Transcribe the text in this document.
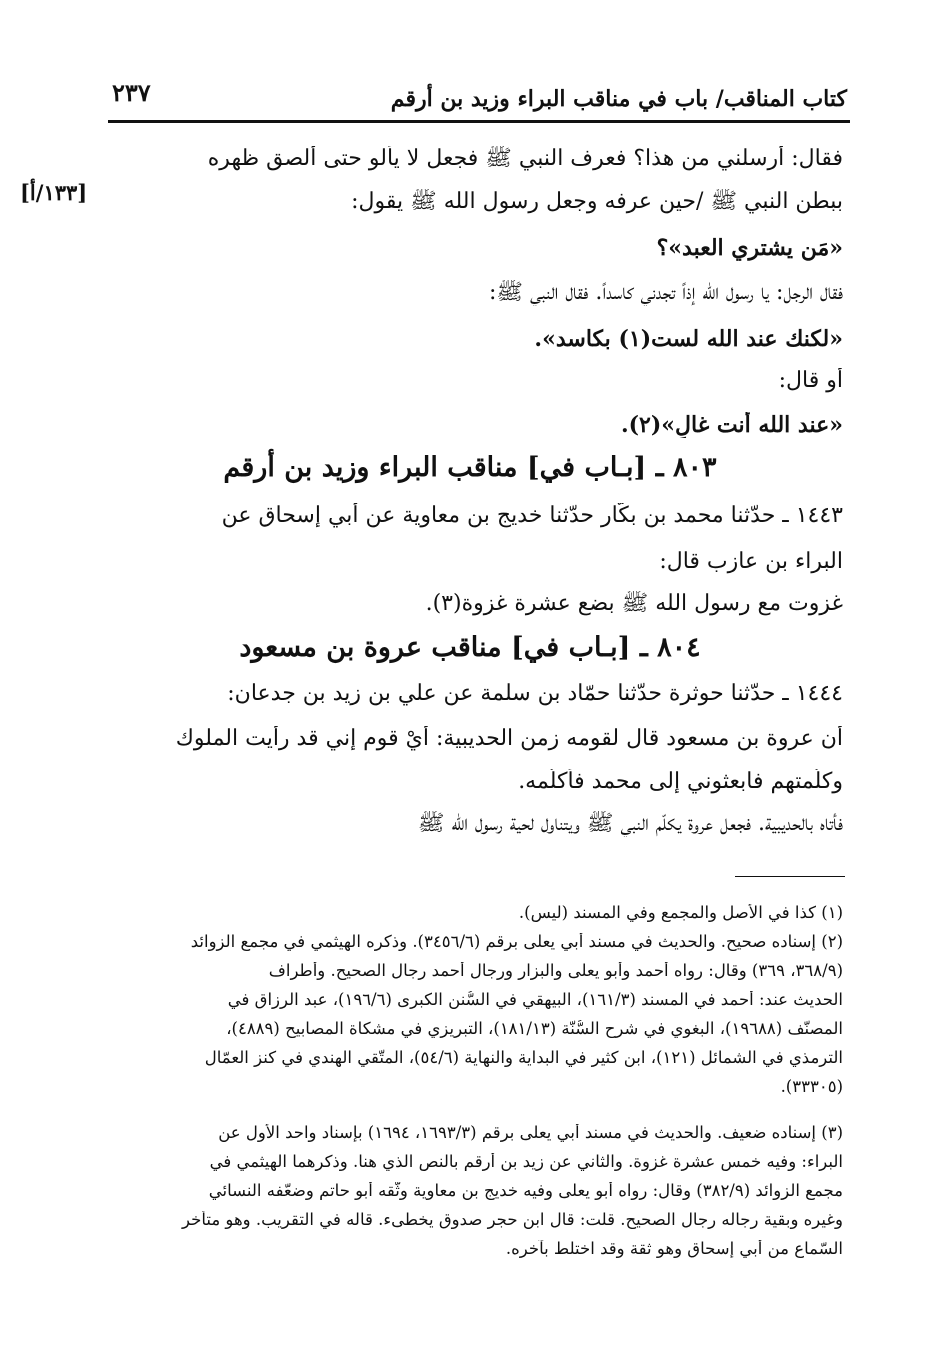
٢٣٧	كتاب المناقب/ باب في مناقب البراء وزيد بن أرقم
[١٣٣/أ]
فقال: أرسلني من هذا؟ فعرف النبي ﷺ فجعل لا يألو حتى ألصق ظهره
ببطن النبي ﷺ /حين عرفه وجعل رسول الله ﷺ يقول:
«مَن يشتري العبد»؟
فقال الرجل: يا رسول الله إذاً تجدني كاسداً. فقال النبي ﷺ:
«لكنك عند الله لست(١) بكاسد».
أو قال:
«عند الله أنت غالٍ»(٢).
٨٠٣ ـ [بـاب في] مناقب البراء وزيد بن أرقم
١٤٤٣ ـ حدّثنا محمد بن بكّار حدّثنا خديج بن معاوية عن أبي إسحاق عن
البراء بن عازب قال:
غزوت مع رسول الله ﷺ بضع عشرة غزوة(٣).
٨٠٤ ـ [بـاب في] مناقب عروة بن مسعود
١٤٤٤ ـ حدّثنا حوثرة حدّثنا حمّاد بن سلمة عن علي بن زيد بن جدعان:
أن عروة بن مسعود قال لقومه زمن الحديبية: أيْ قوم إني قد رأيت الملوك
وكلّمتهم فابعثوني إلى محمد فأُكلّمه.
فأتاه بالحديبية. فجعل عروة يكلّم النبي ﷺ ويتناول لحية رسول الله ﷺ
(١) كذا في الأصل والمجمع وفي المسند (ليس).
(٢) إسناده صحيح. والحديث في مسند أبي يعلى برقم (٣٤٥٦/٦). وذكره الهيثمي في مجمع الزوائد
(٣٦٨/٩، ٣٦٩) وقال: رواه أحمد وأبو يعلى والبزار ورجال أحمد رجال الصحيح. وأطراف
الحديث عند: أحمد في المسند (١٦١/٣)، البيهقي في السُّنن الكبرى (١٩٦/٦)، عبد الرزاق في
المصنّف (١٩٦٨٨)، البغوي في شرح السُّنّة (١٨١/١٣)، التبريزي في مشكاة المصابيح (٤٨٨٩)،
الترمذي في الشمائل (١٢١)، ابن كثير في البداية والنهاية (٥٤/٦)، المتّقي الهندي في كنز العمّال
(٣٣٣٠٥).
(٣) إسناده ضعيف. والحديث في مسند أبي يعلى برقم (١٦٩٣/٣، ١٦٩٤) بإسناد واحد الأول عن
البراء: وفيه خمس عشرة غزوة. والثاني عن زيد بن أرقم بالنص الذي هنا. وذكرهما الهيثمي في
مجمع الزوائد (٣٨٢/٩) وقال: رواه أبو يعلى وفيه خديج بن معاوية وثّقه أبو حاتم وضعّفه النسائي
وغيره وبقية رجاله رجال الصحيح. قلت: قال ابن حجر صدوق يخطىء. قاله في التقريب. وهو متأخر
السّماع من أبي إسحاق وهو ثقة وقد اختلط بآخره.
